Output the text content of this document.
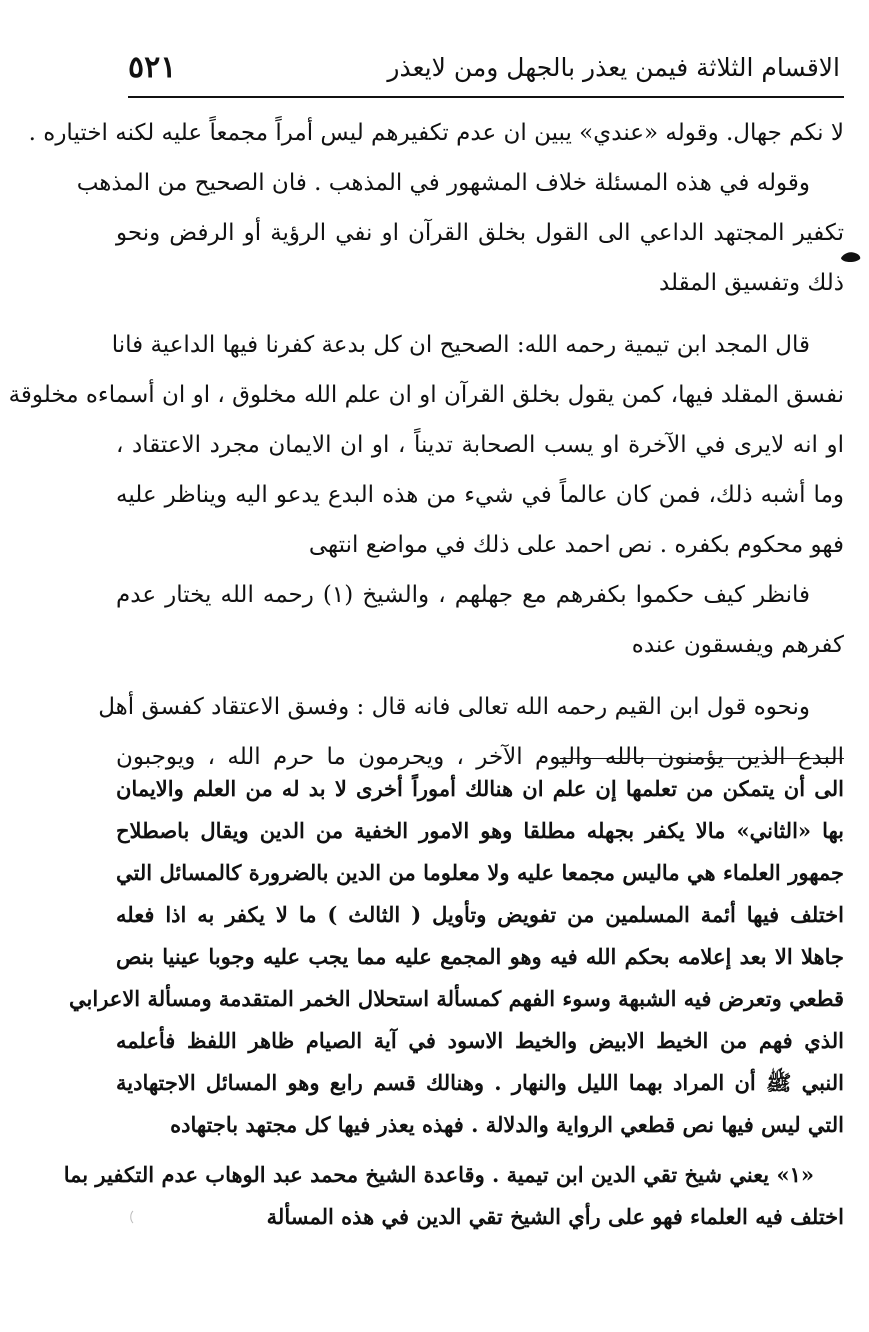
الاقسام الثلاثة فيمن يعذر بالجهل ومن لايعذر
٥٢١
لا نكم جهال. وقوله «عندي» يبين ان عدم تكفيرهم ليس أمراً مجمعاً عليه لكنه اختياره .
وقوله في هذه المسئلة خلاف المشهور في المذهب . فان الصحيح من المذهب
تكفير المجتهد الداعي الى القول بخلق القرآن او نفي الرؤية أو الرفض ونحو
ذلك وتفسيق المقلد
قال المجد ابن تيمية رحمه الله: الصحيح ان كل بدعة كفرنا فيها الداعية فانا
نفسق المقلد فيها، كمن يقول بخلق القرآن او ان علم الله مخلوق ، او ان أسماءه مخلوقة
او انه لايرى في الآخرة او يسب الصحابة تديناً ، او ان الايمان مجرد الاعتقاد ،
وما أشبه ذلك، فمن كان عالماً في شيء من هذه البدع يدعو اليه ويناظر عليه
فهو محكوم بكفره . نص احمد على ذلك في مواضع انتهى
فانظر كيف حكموا بكفرهم مع جهلهم ، والشيخ (١) رحمه الله يختار عدم
كفرهم ويفسقون عنده
ونحوه قول ابن القيم رحمه الله تعالى فانه قال : وفسق الاعتقاد كفسق أهل
البدع الذين يؤمنون بالله واليوم الآخر ، ويحرمون ما حرم الله ، ويوجبون
الى أن يتمكن من تعلمها إن علم ان هنالك أموراً أخرى لا بد له من العلم والايمان
بها «الثاني» مالا يكفر بجهله مطلقا وهو الامور الخفية من الدين ويقال باصطلاح
جمهور العلماء هي ماليس مجمعا عليه ولا معلوما من الدين بالضرورة كالمسائل التي
اختلف فيها أئمة المسلمين من تفويض وتأويل ( الثالث ) ما لا يكفر به اذا فعله
جاهلا الا بعد إعلامه بحكم الله فيه وهو المجمع عليه مما يجب عليه وجوبا عينيا بنص
قطعي وتعرض فيه الشبهة وسوء الفهم كمسألة استحلال الخمر المتقدمة ومسألة الاعرابي
الذي فهم من الخيط الابيض والخيط الاسود في آية الصيام ظاهر اللفظ فأعلمه
النبي ﷺ أن المراد بهما الليل والنهار . وهنالك قسم رابع وهو المسائل الاجتهادية
التي ليس فيها نص قطعي الرواية والدلالة . فهذه يعذر فيها كل مجتهد باجتهاده
«١» يعني شيخ تقي الدين ابن تيمية . وقاعدة الشيخ محمد عبد الوهاب عدم التكفير بما
اختلف فيه العلماء فهو على رأي الشيخ تقي الدين في هذه المسألة
